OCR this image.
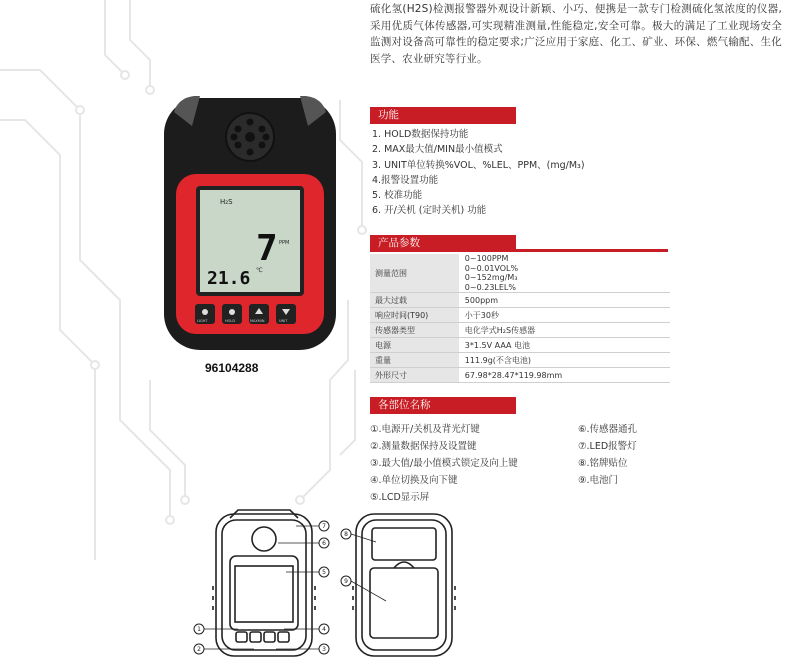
H₂S
7 PPM
21.6 ℃
LIGHT	HOLD	MAXMIN	UNIT
96104288
硫化氢(H2S)检测报警器外观设计新颖、小巧、便携是一款专门检测硫化氢浓度的仪器,采用优质气体传感器,可实现精准测量,性能稳定,安全可靠。极大的满足了工业现场安全监测对设备高可靠性的稳定要求;广泛应用于家庭、化工、矿业、环保、燃气输配、生化医学、农业研究等行业。
功能
1. HOLD数据保持功能
2. MAX最大值/MIN最小值模式
3. UNIT单位转换%VOL、%LEL、PPM、(mg/M₃)
4.报警设置功能
5. 校准功能
6. 开/关机 (定时关机) 功能
产品参数
测量范围	0~100PPM
0~0.01VOL%
0~152mg/M₃
0~0.23LEL%

最大过载	500ppm
响应时间(T90)	小于30秒
传感器类型	电化学式H₂S传感器
电源	3*1.5V AAA 电池
重量	111.9g(不含电池)
外形尺寸	67.98*28.47*119.98mm
各部位名称
①.电源开/关机及背光灯键
②.测量数据保持及设置键
③.最大值/最小值模式锁定及向上键
④.单位切换及向下键
⑤.LCD显示屏
⑥.传感器通孔
⑦.LED报警灯
⑧.铭牌贴位
⑨.电池门
7
6
5
4
3
1
2
8
9
